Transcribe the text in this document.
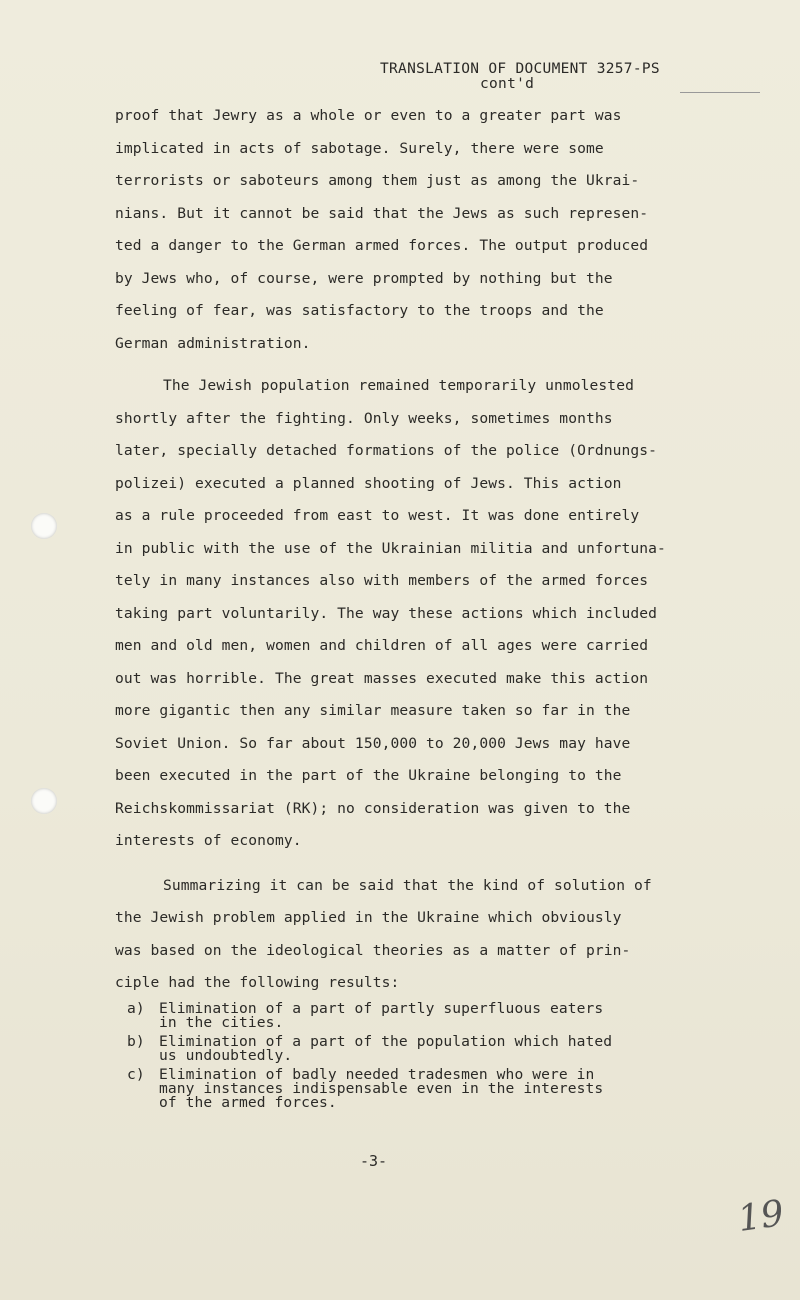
TRANSLATION OF DOCUMENT 3257-PS
cont'd
proof that Jewry as a whole or even to a greater part was
implicated in acts of sabotage. Surely, there were some
terrorists or saboteurs among them just as among the Ukrai-
nians. But it cannot be said that the Jews as such represen-
ted a danger to the German armed forces. The output produced
by Jews who, of course, were prompted by nothing but the
feeling of fear, was satisfactory to the troops and the
German administration.
The Jewish population remained temporarily unmolested
shortly after the fighting. Only weeks, sometimes months
later, specially detached formations of the police (Ordnungs-
polizei) executed a planned shooting of Jews. This action
as a rule proceeded from east to west. It was done entirely
in public with the use of the Ukrainian militia and unfortuna-
tely in many instances also with members of the armed forces
taking part voluntarily. The way these actions which included
men and old men, women and children of all ages were carried
out was horrible. The great masses executed make this action
more gigantic then any similar measure taken so far in the
Soviet Union. So far about 150,000 to 20,000 Jews may have
been executed in the part of the Ukraine belonging to the
Reichskommissariat (RK); no consideration was given to the
interests of economy.
Summarizing it can be said that the kind of solution of
the Jewish problem applied in the Ukraine which obviously
was based on the ideological theories as a matter of prin-
ciple had the following results:
a) Elimination of a part of partly superfluous eaters
in the cities.
b) Elimination of a part of the population which hated
us undoubtedly.
c) Elimination of badly needed tradesmen who were in
many instances indispensable even in the interests
of the armed forces.
-3-
19
